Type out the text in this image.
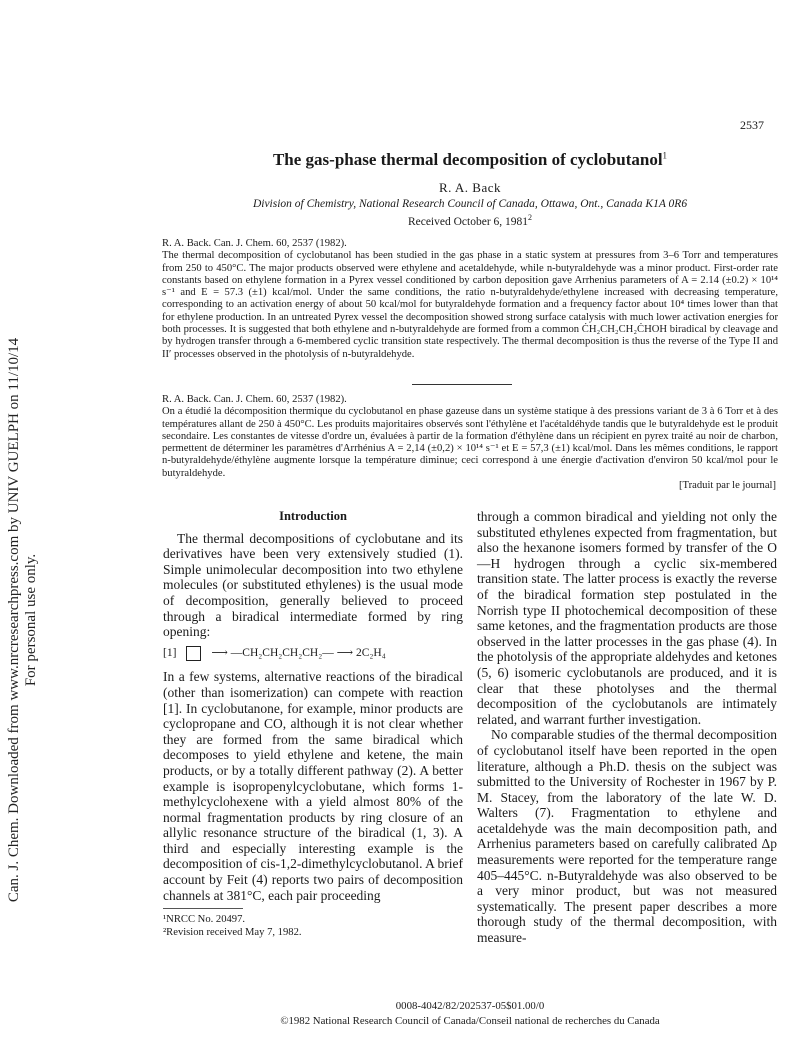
Can. J. Chem. Downloaded from www.nrcresearchpress.com by UNIV GUELPH on 11/10/14 For personal use only.
2537
The gas-phase thermal decomposition of cyclobutanol$^1$
R. A. Back
Division of Chemistry, National Research Council of Canada, Ottawa, Ont., Canada K1A 0R6
Received October 6, 1981$^2$
R. A. Back. Can. J. Chem. 60, 2537 (1982).
The thermal decomposition of cyclobutanol has been studied in the gas phase in a static system at pressures from 3–6 Torr and temperatures from 250 to 450°C. The major products observed were ethylene and acetaldehyde, while n-butyraldehyde was a minor product. First-order rate constants based on ethylene formation in a Pyrex vessel conditioned by carbon deposition gave Arrhenius parameters of A = 2.14 (±0.2) × 10¹⁴ s⁻¹ and E = 57.3 (±1) kcal/mol. Under the same conditions, the ratio n-butyraldehyde/ethylene increased with decreasing temperature, corresponding to an activation energy of about 50 kcal/mol for butyraldehyde formation and a frequency factor about 10⁴ times lower than that for ethylene production. In an untreated Pyrex vessel the decomposition showed strong surface catalysis with much lower activation energies for both processes. It is suggested that both ethylene and n-butyraldehyde are formed from a common ĊH₂CH₂CH₂ĊHOH biradical by cleavage and by hydrogen transfer through a 6-membered cyclic transition state respectively. The thermal decomposition is thus the reverse of the Type II and II′ processes observed in the photolysis of n-butyraldehyde.
R. A. Back. Can. J. Chem. 60, 2537 (1982).
On a étudié la décomposition thermique du cyclobutanol en phase gazeuse dans un système statique à des pressions variant de 3 à 6 Torr et à des températures allant de 250 à 450°C. Les produits majoritaires observés sont l'éthylène et l'acétaldéhyde tandis que le butyraldehyde est le produit secondaire. Les constantes de vitesse d'ordre un, évaluées à partir de la formation d'éthylène dans un récipient en pyrex traité au noir de charbon, permettent de déterminer les paramètres d'Arrhénius A = 2,14 (±0,2) × 10¹⁴ s⁻¹ et E = 57,3 (±1) kcal/mol. Dans les mêmes conditions, le rapport n-butyraldehyde/éthylène augmente lorsque la température diminue; ceci correspond à une énergie d'activation d'environ 50 kcal/mol pour le butyraldehyde.
[Traduit par le journal]
Introduction

The thermal decompositions of cyclobutane and its derivatives have been very extensively studied (1). Simple unimolecular decomposition into two ethylene molecules (or substituted ethylenes) is the usual mode of decomposition, generally believed to proceed through a biradical intermediate formed by ring opening:

[1]	⟶ —CH₂CH₂CH₂CH₂— ⟶ 2C₂H₄

In a few systems, alternative reactions of the biradical (other than isomerization) can compete with reaction [1]. In cyclobutanone, for example, minor products are cyclopropane and CO, although it is not clear whether they are formed from the same biradical which decomposes to yield ethylene and ketene, the main products, or by a totally different pathway (2). A better example is isopropenylcyclobutane, which forms 1-methylcyclohexene with a yield almost 80% of the normal fragmentation products by ring closure of an allylic resonance structure of the biradical (1, 3). A third and especially interesting example is the decomposition of cis-1,2-dimethylcyclobutanol. A brief account by Feit (4) reports two pairs of decomposition channels at 381°C, each pair proceeding

through a common biradical and yielding not only the substituted ethylenes expected from fragmentation, but also the hexanone isomers formed by transfer of the O—H hydrogen through a cyclic six-membered transition state. The latter process is exactly the reverse of the biradical formation step postulated in the Norrish type II photochemical decomposition of these same ketones, and the fragmentation products are those observed in the latter processes in the gas phase (4). In the photolysis of the appropriate aldehydes and ketones (5, 6) isomeric cyclobutanols are produced, and it is clear that these photolyses and the thermal decomposition of the cyclobutanols are intimately related, and warrant further investigation.

No comparable studies of the thermal decomposition of cyclobutanol itself have been reported in the open literature, although a Ph.D. thesis on the subject was submitted to the University of Rochester in 1967 by P. M. Stacey, from the laboratory of the late W. D. Walters (7). Fragmentation to ethylene and acetaldehyde was the main decomposition path, and Arrhenius parameters based on carefully calibrated Δp measurements were reported for the temperature range 405–445°C. n-Butyraldehyde was also observed to be a very minor product, but was not measured systematically. The present paper describes a more thorough study of the thermal decomposition, with measure-

¹NRCC No. 20497.
²Revision received May 7, 1982.
0008-4042/82/202537-05$01.00/0
©1982 National Research Council of Canada/Conseil national de recherches du Canada
